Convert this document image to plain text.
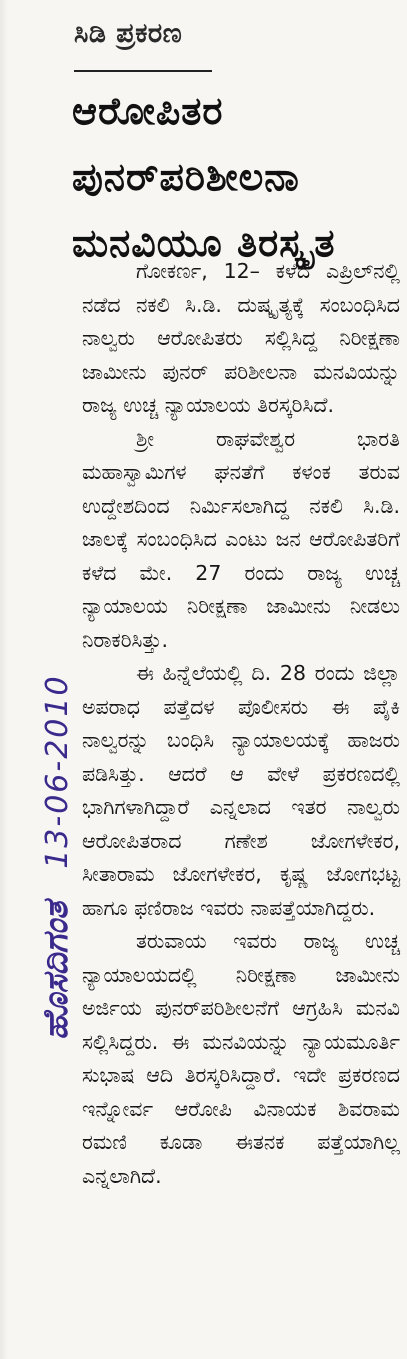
ಸಿಡಿ ಪ್ರಕರಣ
ಆರೋಪಿತರ
ಪುನರ್‌ಪರಿಶೀಲನಾ
ಮನವಿಯೂ ತಿರಸ್ಕೃತ

ಗೋಕರ್ಣ, 12– ಕಳೆದ ಎಪ್ರಿಲ್‌ನಲ್ಲಿ ನಡೆದ ನಕಲಿ ಸಿ.ಡಿ. ದುಷ್ಕೃತ್ಯಕ್ಕೆ ಸಂಬಂಧಿಸಿದ ನಾಲ್ವರು ಆರೋಪಿತರು ಸಲ್ಲಿಸಿದ್ದ ನಿರೀಕ್ಷಣಾ ಜಾಮೀನು ಪುನರ್ ಪರಿಶೀಲನಾ ಮನವಿಯನ್ನು ರಾಜ್ಯ ಉಚ್ಚ ನ್ಯಾಯಾಲಯ ತಿರಸ್ಕರಿಸಿದೆ.

ಶ್ರೀ ರಾಘವೇಶ್ವರ ಭಾರತಿ ಮಹಾಸ್ವಾಮಿಗಳ ಘನತೆಗೆ ಕಳಂಕ ತರುವ ಉದ್ದೇಶದಿಂದ ನಿರ್ಮಿಸಲಾಗಿದ್ದ ನಕಲಿ ಸಿ.ಡಿ. ಜಾಲಕ್ಕೆ ಸಂಬಂಧಿಸಿದ ಎಂಟು ಜನ ಆರೋಪಿತರಿಗೆ ಕಳೆದ ಮೇ. 27 ರಂದು ರಾಜ್ಯ ಉಚ್ಚ ನ್ಯಾಯಾಲಯ ನಿರೀಕ್ಷಣಾ ಜಾಮೀನು ನೀಡಲು ನಿರಾಕರಿಸಿತ್ತು.

ಈ ಹಿನ್ನೆಲೆಯಲ್ಲಿ ದಿ. 28 ರಂದು ಜಿಲ್ಲಾ ಅಪರಾಧ ಪತ್ತೆದಳ ಪೊಲೀಸರು ಈ ಪೈಕಿ ನಾಲ್ವರನ್ನು ಬಂಧಿಸಿ ನ್ಯಾಯಾಲಯಕ್ಕೆ ಹಾಜರು ಪಡಿಸಿತ್ತು. ಆದರೆ ಆ ವೇಳೆ ಪ್ರಕರಣದಲ್ಲಿ ಭಾಗಿಗಳಾಗಿದ್ದಾರೆ ಎನ್ನಲಾದ ಇತರ ನಾಲ್ವರು ಆರೋಪಿತರಾದ ಗಣೇಶ ಜೋಗಳೇಕರ, ಸೀತಾರಾಮ ಜೋಗಳೇಕರ, ಕೃಷ್ಣ ಜೋಗಭಟ್ಟ ಹಾಗೂ ಫಣಿರಾಜ ಇವರು ನಾಪತ್ತೆಯಾಗಿದ್ದರು.

ತರುವಾಯ ಇವರು ರಾಜ್ಯ ಉಚ್ಚ ನ್ಯಾಯಾಲಯದಲ್ಲಿ ನಿರೀಕ್ಷಣಾ ಜಾಮೀನು ಅರ್ಜಿಯ ಪುನರ್‌ಪರಿಶೀಲನೆಗೆ ಆಗ್ರಹಿಸಿ ಮನವಿ ಸಲ್ಲಿಸಿದ್ದರು. ಈ ಮನವಿಯನ್ನು ನ್ಯಾಯಮೂರ್ತಿ ಸುಭಾಷ ಆದಿ ತಿರಸ್ಕರಿಸಿದ್ದಾರೆ. ಇದೇ ಪ್ರಕರಣದ ಇನ್ನೋರ್ವ ಆರೋಪಿ ವಿನಾಯಕ ಶಿವರಾಮ ರಮಣಿ ಕೂಡಾ ಈತನಕ ಪತ್ತೆಯಾಗಿಲ್ಲ ಎನ್ನಲಾಗಿದೆ.

ಹೊಸದಿಗಂತ 13-06-2010
